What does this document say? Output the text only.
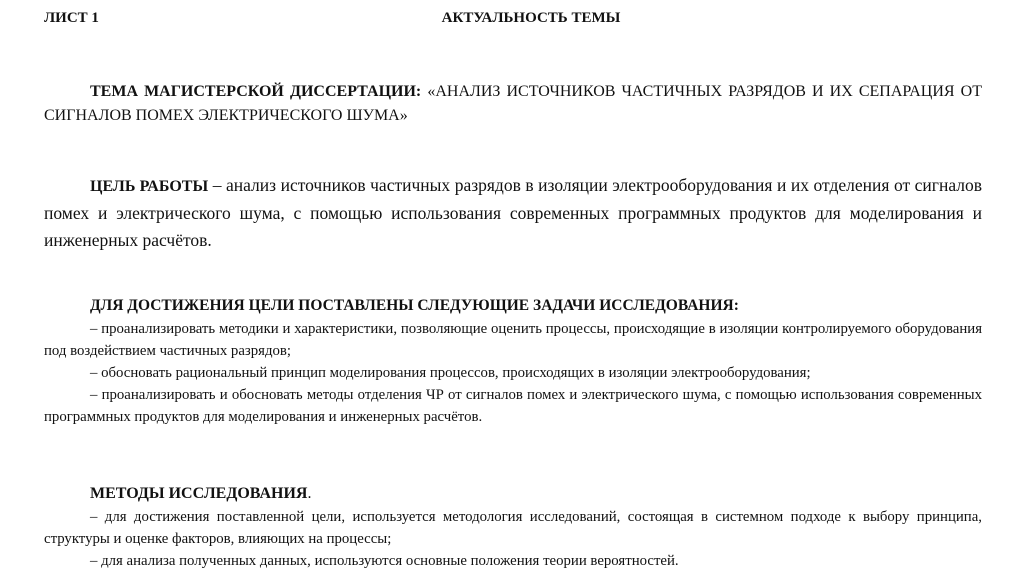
ЛИСТ 1	АКТУАЛЬНОСТЬ ТЕМЫ
ТЕМА МАГИСТЕРСКОЙ ДИССЕРТАЦИИ: «АНАЛИЗ ИСТОЧНИКОВ ЧАСТИЧНЫХ РАЗРЯДОВ И ИХ СЕПАРАЦИЯ ОТ СИГНАЛОВ ПОМЕХ ЭЛЕКТРИЧЕСКОГО ШУМА»
ЦЕЛЬ РАБОТЫ – анализ источников частичных разрядов в изоляции электрооборудования и их отделения от сигналов помех и электрического шума, с помощью использования современных программных продуктов для моделирования и инженерных расчётов.
ДЛЯ ДОСТИЖЕНИЯ ЦЕЛИ ПОСТАВЛЕНЫ СЛЕДУЮЩИЕ ЗАДАЧИ ИССЛЕДОВАНИЯ:
– проанализировать методики и характеристики, позволяющие оценить процессы, происходящие в изоляции контролируемого оборудования под воздействием частичных разрядов;
– обосновать рациональный принцип моделирования процессов, происходящих в изоляции электрооборудования;
– проанализировать и обосновать методы отделения ЧР от сигналов помех и электрического шума, с помощью использования современных программных продуктов для моделирования и инженерных расчётов.
МЕТОДЫ ИССЛЕДОВАНИЯ.
– для достижения поставленной цели, используется методология исследований, состоящая в системном подходе к выбору принципа, структуры и оценке факторов, влияющих на процессы;
– для анализа полученных данных, используются основные положения теории вероятностей.
